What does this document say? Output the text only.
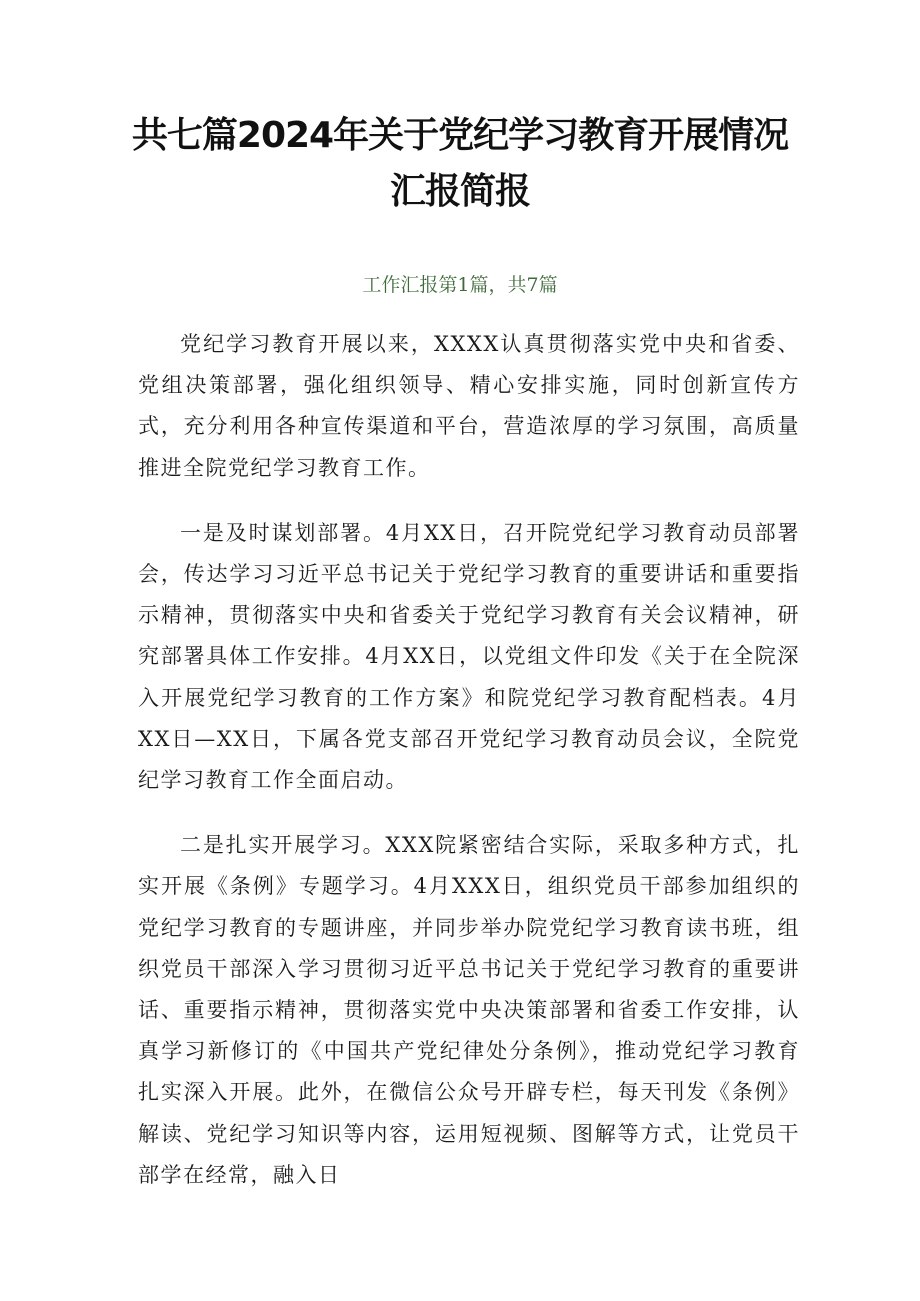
共七篇2024年关于党纪学习教育开展情况
汇报简报

工作汇报第1篇，共7篇

党纪学习教育开展以来，XXXX认真贯彻落实党中央和省委、党组决策部署，强化组织领导、精心安排实施，同时创新宣传方式，充分利用各种宣传渠道和平台，营造浓厚的学习氛围，高质量推进全院党纪学习教育工作。

一是及时谋划部署。4月XX日，召开院党纪学习教育动员部署会，传达学习习近平总书记关于党纪学习教育的重要讲话和重要指示精神，贯彻落实中央和省委关于党纪学习教育有关会议精神，研究部署具体工作安排。4月XX日，以党组文件印发《关于在全院深入开展党纪学习教育的工作方案》和院党纪学习教育配档表。4月XX日—XX日，下属各党支部召开党纪学习教育动员会议，全院党纪学习教育工作全面启动。

二是扎实开展学习。XXX院紧密结合实际，采取多种方式，扎实开展《条例》专题学习。4月XXX日，组织党员干部参加组织的党纪学习教育的专题讲座，并同步举办院党纪学习教育读书班，组织党员干部深入学习贯彻习近平总书记关于党纪学习教育的重要讲话、重要指示精神，贯彻落实党中央决策部署和省委工作安排，认真学习新修订的《中国共产党纪律处分条例》，推动党纪学习教育扎实深入开展。此外，在微信公众号开辟专栏，每天刊发《条例》解读、党纪学习知识等内容，运用短视频、图解等方式，让党员干部学在经常，融入日
